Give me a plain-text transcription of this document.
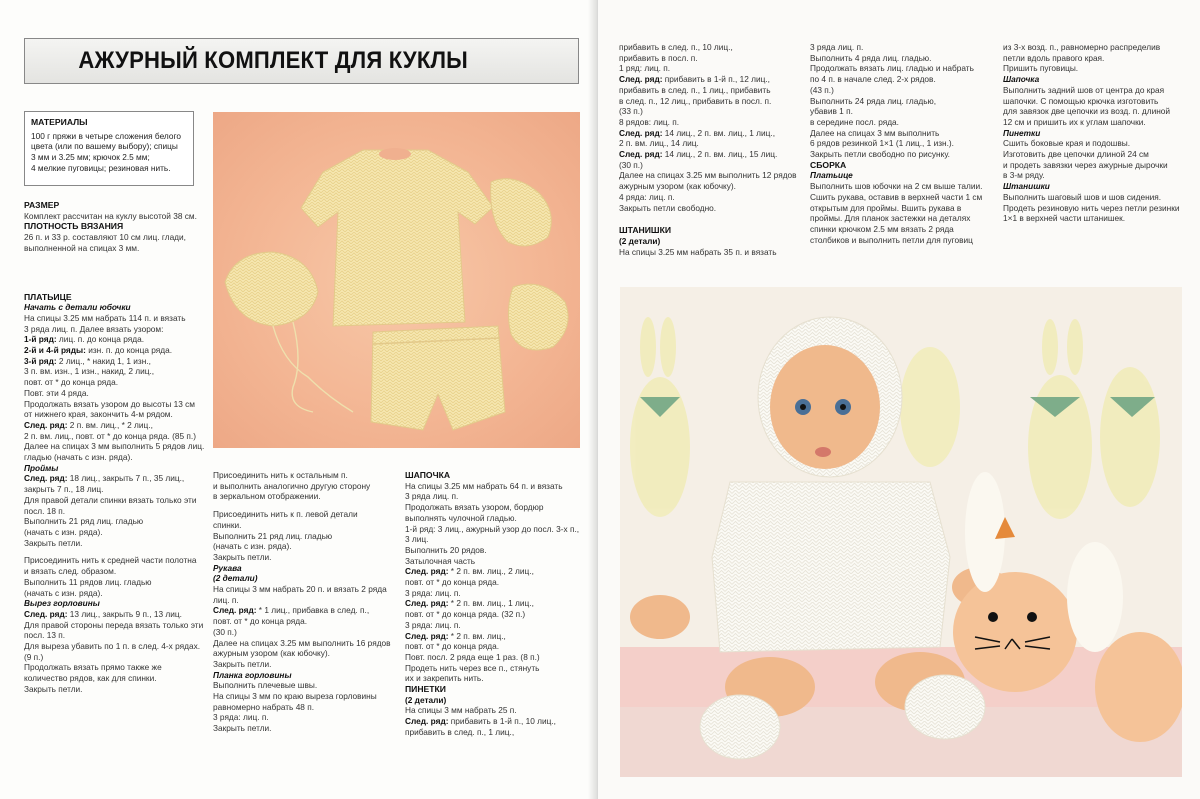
АЖУРНЫЙ КОМПЛЕКТ ДЛЯ КУКЛЫ

МАТЕРИАЛЫ

100 г пряжи в четыре сложения белого

цвета (или по вашему выбору); спицы

3 мм и 3.25 мм; крючок 2.5 мм;

4 мелкие пуговицы; резиновая нить.

РАЗМЕР

Комплект рассчитан на куклу высотой 38 см.

ПЛОТНОСТЬ ВЯЗАНИЯ

26 п. и 33 р. составляют 10 см лиц. глади,

выполненной на спицах 3 мм.

ПЛАТЬИЦЕ

Начать с детали юбочки

На спицы 3.25 мм набрать 114 п. и вязать

3 ряда лиц. п. Далее вязать узором:

1-й ряд: лиц. п. до конца ряда.

2-й и 4-й ряды: изн. п. до конца ряда.

3-й ряд: 2 лиц., * накид 1, 1 изн.,

3 п. вм. изн., 1 изн., накид, 2 лиц.,

повт. от * до конца ряда.

Повт. эти 4 ряда.

Продолжать вязать узором до высоты 13 см

от нижнего края, закончить 4-м рядом.

След. ряд: 2 п. вм. лиц., * 2 лиц.,

2 п. вм. лиц., повт. от * до конца ряда. (85 п.)

Далее на спицах 3 мм выполнить 5 рядов лиц.

гладью (начать с изн. ряда).

Проймы

След. ряд: 18 лиц., закрыть 7 п., 35 лиц.,

закрыть 7 п., 18 лиц.

Для правой детали спинки вязать только эти

посл. 18 п.

Выполнить 21 ряд лиц. гладью

(начать с изн. ряда).

Закрыть петли.

Присоединить нить к средней части полотна

и вязать след. образом.

Выполнить 11 рядов лиц. гладью

(начать с изн. ряда).

Вырез горловины

След. ряд: 13 лиц., закрыть 9 п., 13 лиц.

Для правой стороны переда вязать только эти

посл. 13 п.

Для выреза убавить по 1 п. в след. 4-х рядах.

(9 п.)

Продолжать вязать прямо также же

количество рядов, как для спинки.

Закрыть петли.

Присоединить нить к остальным п.

и выполнить аналогично другую сторону

в зеркальном отображении.

Присоединить нить к п. левой детали

спинки.

Выполнить 21 ряд лиц. гладью

(начать с изн. ряда).

Закрыть петли.

Рукава

(2 детали)

На спицы 3 мм набрать 20 п. и вязать 2 ряда

лиц. п.

След. ряд: * 1 лиц., прибавка в след. п.,

повт. от * до конца ряда.

(30 п.)

Далее на спицах 3.25 мм выполнить 16 рядов

ажурным узором (как юбочку).

Закрыть петли.

Планка горловины

Выполнить плечевые швы.

На спицы 3 мм по краю выреза горловины

равномерно набрать 48 п.

3 ряда: лиц. п.

Закрыть петли.

ШАПОЧКА

На спицы 3.25 мм набрать 64 п. и вязать

3 ряда лиц. п.

Продолжать вязать узором, бордюр

выполнять чулочной гладью.

1-й ряд: 3 лиц., ажурный узор до посл. 3-х п.,

3 лиц.

Выполнить 20 рядов.

Затылочная часть

След. ряд: * 2 п. вм. лиц., 2 лиц.,

повт. от * до конца ряда.

3 ряда: лиц. п.

След. ряд: * 2 п. вм. лиц., 1 лиц.,

повт. от * до конца ряда. (32 п.)

3 ряда: лиц. п.

След. ряд: * 2 п. вм. лиц.,

повт. от * до конца ряда.

Повт. посл. 2 ряда еще 1 раз. (8 п.)

Продеть нить через все п., стянуть

их и закрепить нить.

ПИНЕТКИ

(2 детали)

На спицы 3 мм набрать 25 п.

След. ряд: прибавить в 1-й п., 10 лиц.,

прибавить в след. п., 1 лиц.,

прибавить в след. п., 10 лиц.,

прибавить в посл. п.

1 ряд: лиц. п.

След. ряд: прибавить в 1-й п., 12 лиц.,

прибавить в след. п., 1 лиц., прибавить

в след. п., 12 лиц., прибавить в посл. п.

(33 п.)

8 рядов: лиц. п.

След. ряд: 14 лиц., 2 п. вм. лиц., 1 лиц.,

2 п. вм. лиц., 14 лиц.

След. ряд: 14 лиц., 2 п. вм. лиц., 15 лиц.

(30 п.)

Далее на спицах 3.25 мм выполнить 12 рядов

ажурным узором (как юбочку).

4 ряда: лиц. п.

Закрыть петли свободно.

ШТАНИШКИ

(2 детали)

На спицы 3.25 мм набрать 35 п. и вязать

3 ряда лиц. п.

Выполнить 4 ряда лиц. гладью.

Продолжать вязать лиц. гладью и набрать

по 4 п. в начале след. 2-х рядов.

(43 п.)

Выполнить 24 ряда лиц. гладью,

убавив 1 п.

в середине посл. ряда.

Далее на спицах 3 мм выполнить

6 рядов резинкой 1×1 (1 лиц., 1 изн.).

Закрыть петли свободно по рисунку.

СБОРКА

Платьице

Выполнить шов юбочки на 2 см выше талии.

Сшить рукава, оставив в верхней части 1 см

открытым для проймы. Вшить рукава в

проймы. Для планок застежки на деталях

спинки крючком 2.5 мм вязать 2 ряда

столбиков и выполнить петли для пуговиц

из 3-х возд. п., равномерно распределив

петли вдоль правого края.

Пришить пуговицы.

Шапочка

Выполнить задний шов от центра до края

шапочки. С помощью крючка изготовить

для завязок две цепочки из возд. п. длиной

12 см и пришить их к углам шапочки.

Пинетки

Сшить боковые края и подошвы.

Изготовить две цепочки длиной 24 см

и продеть завязки через ажурные дырочки

в 3-м ряду.

Штанишки

Выполнить шаговый шов и шов сидения.

Продеть резиновую нить через петли резинки

1×1 в верхней части штанишек.
